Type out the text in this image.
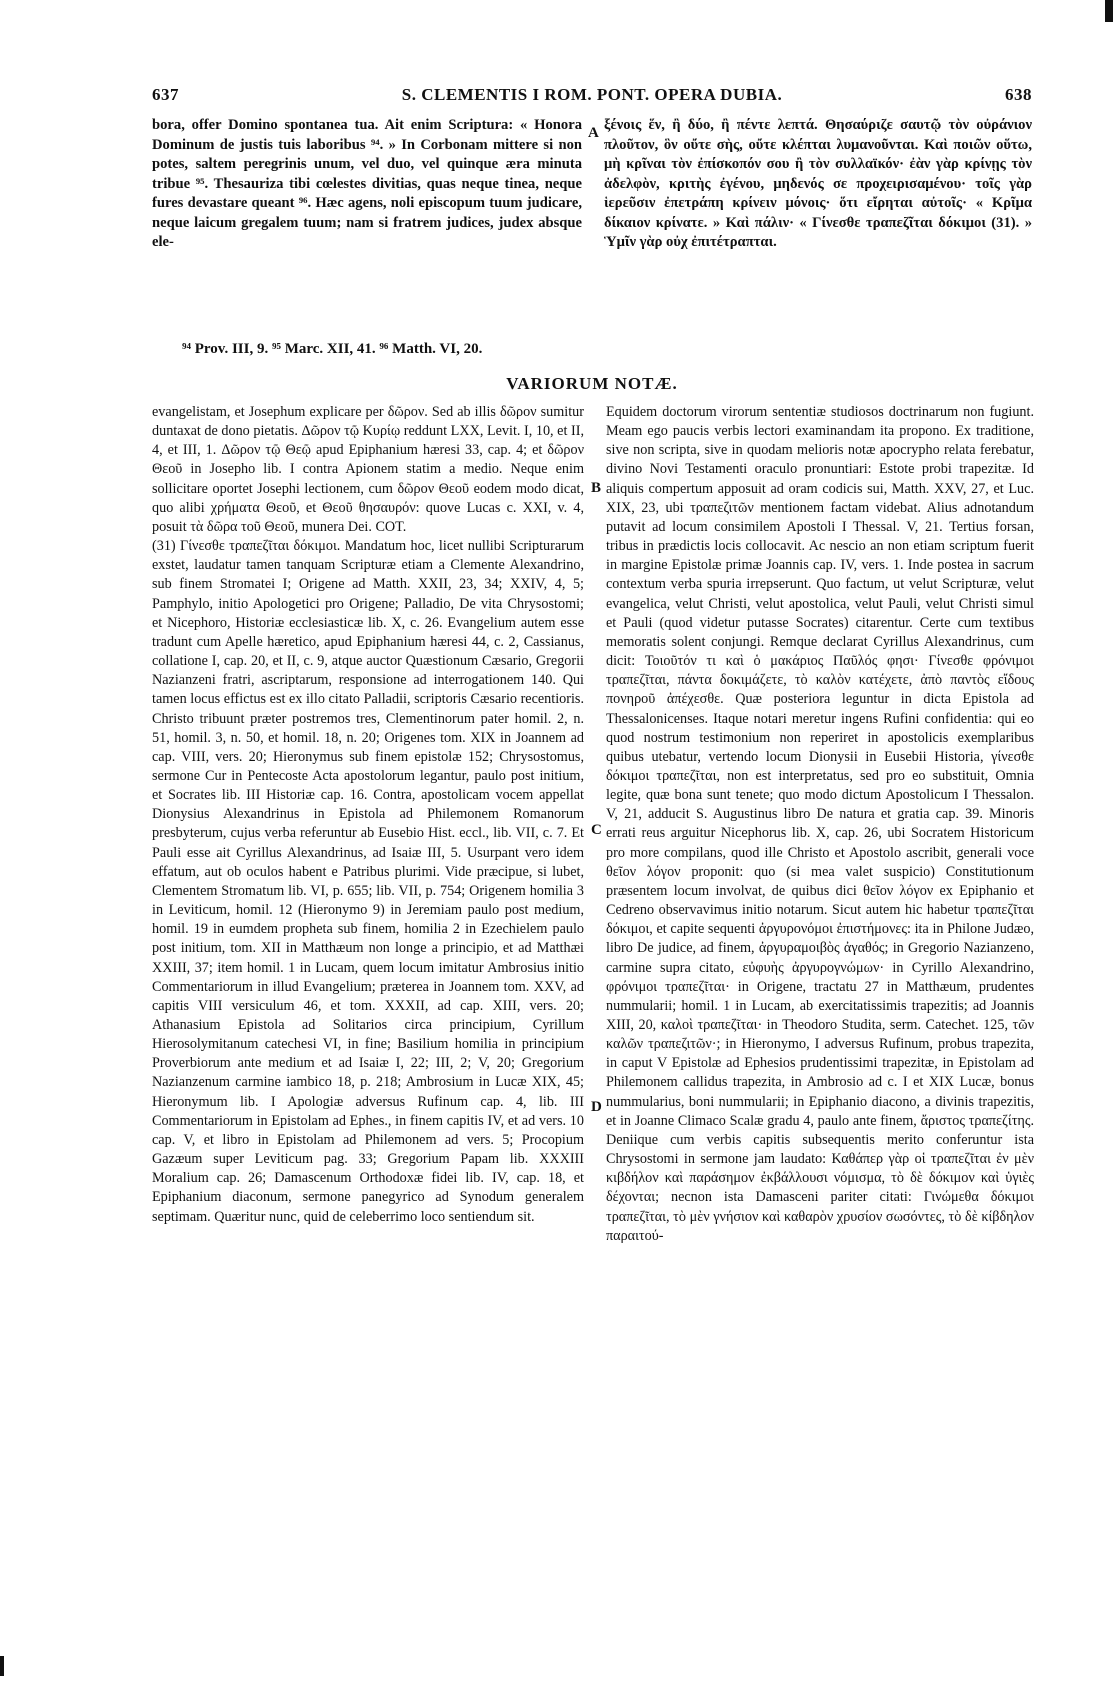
637	S. CLEMENTIS I ROM. PONT. OPERA DUBIA.	638

bora, offer Domino spontanea tua. Ait enim Scriptura: « Honora Dominum de justis tuis laboribus ⁹⁴. » In Corbonam mittere si non potes, saltem peregrinis unum, vel duo, vel quinque æra minuta tribue ⁹⁵. Thesauriza tibi cœlestes divitias, quas neque tinea, neque fures devastare queant ⁹⁶. Hæc agens, noli episcopum tuum judicare, neque laicum gregalem tuum; nam si fratrem judices, judex absque ele-

A ξένοις ἕν, ἢ δύο, ἢ πέντε λεπτά. Θησαύριζε σαυτῷ τὸν οὐράνιον πλοῦτον, ὃν οὔτε σὴς, οὔτε κλέπται λυμανοῦνται. Καὶ ποιῶν οὕτω, μὴ κρῖναι τὸν ἐπίσκοπόν σου ἢ τὸν συλλαϊκόν· ἐὰν γὰρ κρίνῃς τὸν ἀδελφὸν, κριτὴς ἐγένου, μηδενός σε προχειρισαμένου· τοῖς γὰρ ἱερεῦσιν ἐπετράπη κρίνειν μόνοις· ὅτι εἴρηται αὐτοῖς· « Κρῖμα δίκαιον κρίνατε. » Καὶ πάλιν· « Γίνεσθε τραπεζῖται δόκιμοι (31). » Ὑμῖν γὰρ οὐχ ἐπιτέτραπται.

⁹⁴ Prov. III, 9. ⁹⁵ Marc. XII, 41. ⁹⁶ Matth. VI, 20.
VARIORUM NOTÆ.

evangelistam, et Josephum explicare per δῶρον. Sed ab illis δῶρον sumitur duntaxat de dono pietatis. Δῶρον τῷ Κυρίῳ reddunt LXX, Levit. I, 10, et II, 4, et III, 1. Δῶρον τῷ Θεῷ apud Epiphanium hæresi 33, cap. 4; et δῶρον Θεοῦ in Josepho lib. I contra Apionem statim a medio. Neque enim sollicitare oportet Josephi lectionem, cum δῶρον Θεοῦ eodem modo dicat, quo alibi χρήματα Θεοῦ, et Θεοῦ θησαυρόν: quove Lucas c. XXI, v. 4, posuit τὰ δῶρα τοῦ Θεοῦ, munera Dei. COT.

(31) Γίνεσθε τραπεζῖται δόκιμοι. Mandatum hoc, licet nullibi Scripturarum exstet, laudatur tamen tanquam Scripturæ etiam a Clemente Alexandrino, sub finem Stromatei I; Origene ad Matth. XXII, 23, 34; XXIV, 4, 5; Pamphylo, initio Apologetici pro Origene; Palladio, De vita Chrysostomi; et Nicephoro, Historiæ ecclesiasticæ lib. X, c. 26. Evangelium autem esse tradunt cum Apelle hæretico, apud Epiphanium hæresi 44, c. 2, Cassianus, collatione I, cap. 20, et II, c. 9, atque auctor Quæstionum Cæsario, Gregorii Nazianzeni fratri, ascriptarum, responsione ad interrogationem 140. Qui tamen locus effictus est ex illo citato Palladii, scriptoris Cæsario recentioris. Christo tribuunt præter postremos tres, Clementinorum pater homil. 2, n. 51, homil. 3, n. 50, et homil. 18, n. 20; Origenes tom. XIX in Joannem ad cap. VIII, vers. 20; Hieronymus sub finem epistolæ 152; Chrysostomus, sermone Cur in Pentecoste Acta apostolorum legantur, paulo post initium, et Socrates lib. III Historiæ cap. 16. Contra, apostolicam vocem appellat Dionysius Alexandrinus in Epistola ad Philemonem Romanorum presbyterum, cujus verba referuntur ab Eusebio Hist. eccl., lib. VII, c. 7. Et Pauli esse ait Cyrillus Alexandrinus, ad Isaiæ III, 5. Usurpant vero idem effatum, aut ob oculos habent e Patribus plurimi. Vide præcipue, si lubet, Clementem Stromatum lib. VI, p. 655; lib. VII, p. 754; Origenem homilia 3 in Leviticum, homil. 12 (Hieronymo 9) in Jeremiam paulo post medium, homil. 19 in eumdem propheta sub finem, homilia 2 in Ezechielem paulo post initium, tom. XII in Matthæum non longe a principio, et ad Matthæi XXIII, 37; item homil. 1 in Lucam, quem locum imitatur Ambrosius initio Commentariorum in illud Evangelium; præterea in Joannem tom. XXV, ad capitis VIII versiculum 46, et tom. XXXII, ad cap. XIII, vers. 20; Athanasium Epistola ad Solitarios circa principium, Cyrillum Hierosolymitanum catechesi VI, in fine; Basilium homilia in principium Proverbiorum ante medium et ad Isaiæ I, 22; III, 2; V, 20; Gregorium Nazianzenum carmine iambico 18, p. 218; Ambrosium in Lucæ XIX, 45; Hieronymum lib. I Apologiæ adversus Rufinum cap. 4, lib. III Commentariorum in Epistolam ad Ephes., in finem capitis IV, et ad vers. 10 cap. V, et libro in Epistolam ad Philemonem ad vers. 5; Procopium Gazæum super Leviticum pag. 33; Gregorium Papam lib. XXXIII Moralium cap. 26; Damascenum Orthodoxæ fidei lib. IV, cap. 18, et Epiphanium diaconum, sermone panegyrico ad Synodum generalem septimam. Quæritur nunc, quid de celeberrimo loco sentiendum sit.

B
C
D

Equidem doctorum virorum sententiæ studiosos doctrinarum non fugiunt. Meam ego paucis verbis lectori examinandam ita propono. Ex traditione, sive non scripta, sive in quodam melioris notæ apocrypho relata ferebatur, divino Novi Testamenti oraculo pronuntiari: Estote probi trapezitæ. Id aliquis compertum apposuit ad oram codicis sui, Matth. XXV, 27, et Luc. XIX, 23, ubi τραπεζιτῶν mentionem factam videbat. Alius adnotandum putavit ad locum consimilem Apostoli I Thessal. V, 21. Tertius forsan, tribus in prædictis locis collocavit. Ac nescio an non etiam scriptum fuerit in margine Epistolæ primæ Joannis cap. IV, vers. 1. Inde postea in sacrum contextum verba spuria irrepserunt. Quo factum, ut velut Scripturæ, velut evangelica, velut Christi, velut apostolica, velut Pauli, velut Christi simul et Pauli (quod videtur putasse Socrates) citarentur. Certe cum textibus memoratis solent conjungi. Remque declarat Cyrillus Alexandrinus, cum dicit: Τοιοῦτόν τι καὶ ὁ μακάριος Παῦλός φησι· Γίνεσθε φρόνιμοι τραπεζῖται, πάντα δοκιμάζετε, τὸ καλὸν κατέχετε, ἀπὸ παντὸς εἴδους πονηροῦ ἀπέχεσθε. Quæ posteriora leguntur in dicta Epistola ad Thessalonicenses. Itaque notari meretur ingens Rufini confidentia: qui eo quod nostrum testimonium non reperiret in apostolicis exemplaribus quibus utebatur, vertendo locum Dionysii in Eusebii Historia, γίνεσθε δόκιμοι τραπεζῖται, non est interpretatus, sed pro eo substituit, Omnia legite, quæ bona sunt tenete; quo modo dictum Apostolicum I Thessalon. V, 21, adducit S. Augustinus libro De natura et gratia cap. 39. Minoris errati reus arguitur Nicephorus lib. X, cap. 26, ubi Socratem Historicum pro more compilans, quod ille Christo et Apostolo ascribit, generali voce θεῖον λόγον proponit: quo (si mea valet suspicio) Constitutionum præsentem locum involvat, de quibus dici θεῖον λόγον ex Epiphanio et Cedreno observavimus initio notarum. Sicut autem hic habetur τραπεζῖται δόκιμοι, et capite sequenti ἀργυρονόμοι ἐπιστήμονες: ita in Philone Judæo, libro De judice, ad finem, ἀργυραμοιβὸς ἀγαθός; in Gregorio Nazianzeno, carmine supra citato, εὐφυὴς ἀργυρογνώμων· in Cyrillo Alexandrino, φρόνιμοι τραπεζῖται· in Origene, tractatu 27 in Matthæum, prudentes nummularii; homil. 1 in Lucam, ab exercitatissimis trapezitis; ad Joannis XIII, 20, καλοὶ τραπεζῖται· in Theodoro Studita, serm. Catechet. 125, τῶν καλῶν τραπεζιτῶν·; in Hieronymo, I adversus Rufinum, probus trapezita, in caput V Epistolæ ad Ephesios prudentissimi trapezitæ, in Epistolam ad Philemonem callidus trapezita, in Ambrosio ad c. I et XIX Lucæ, bonus nummularius, boni nummularii; in Epiphanio diacono, a divinis trapezitis, et in Joanne Climaco Scalæ gradu 4, paulo ante finem, ἄριστος τραπεζίτης. Deniique cum verbis capitis subsequentis merito conferuntur ista Chrysostomi in sermone jam laudato: Καθάπερ γὰρ οἱ τραπεζῖται ἐν μὲν κιβδήλον καὶ παράσημον ἐκβάλλουσι νόμισμα, τὸ δὲ δόκιμον καὶ ὑγιὲς δέχονται; necnon ista Damasceni pariter citati: Γινώμεθα δόκιμοι τραπεζῖται, τὸ μὲν γνήσιον καὶ καθαρὸν χρυσίον σωσόντες, τὸ δὲ κίβδηλον παραιτού-
